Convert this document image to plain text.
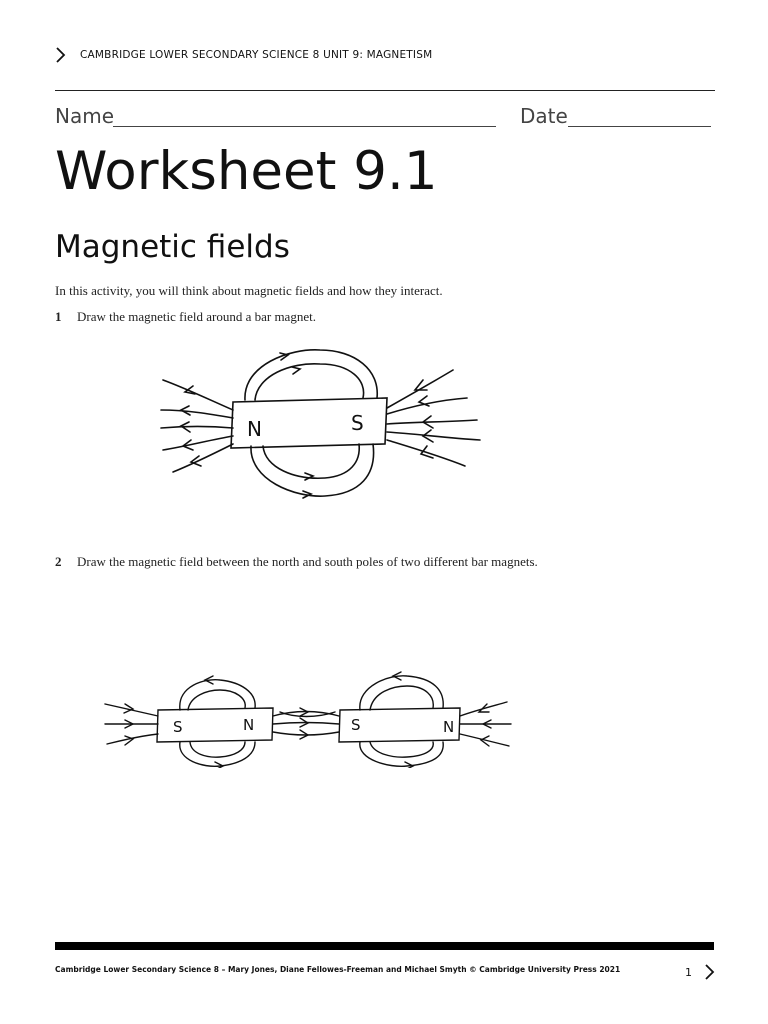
CAMBRIDGE LOWER SECONDARY SCIENCE 8 UNIT 9: MAGNETISM
Name	Date
Worksheet 9.1
Magnetic fields
In this activity, you will think about magnetic fields and how they interact.
1 Draw the magnetic field around a bar magnet.
N	S
2 Draw the magnetic field between the north and south poles of two different bar magnets.
S	N	S	N
Cambridge Lower Secondary Science 8 – Mary Jones, Diane Fellowes-Freeman and Michael Smyth © Cambridge University Press 2021	1
